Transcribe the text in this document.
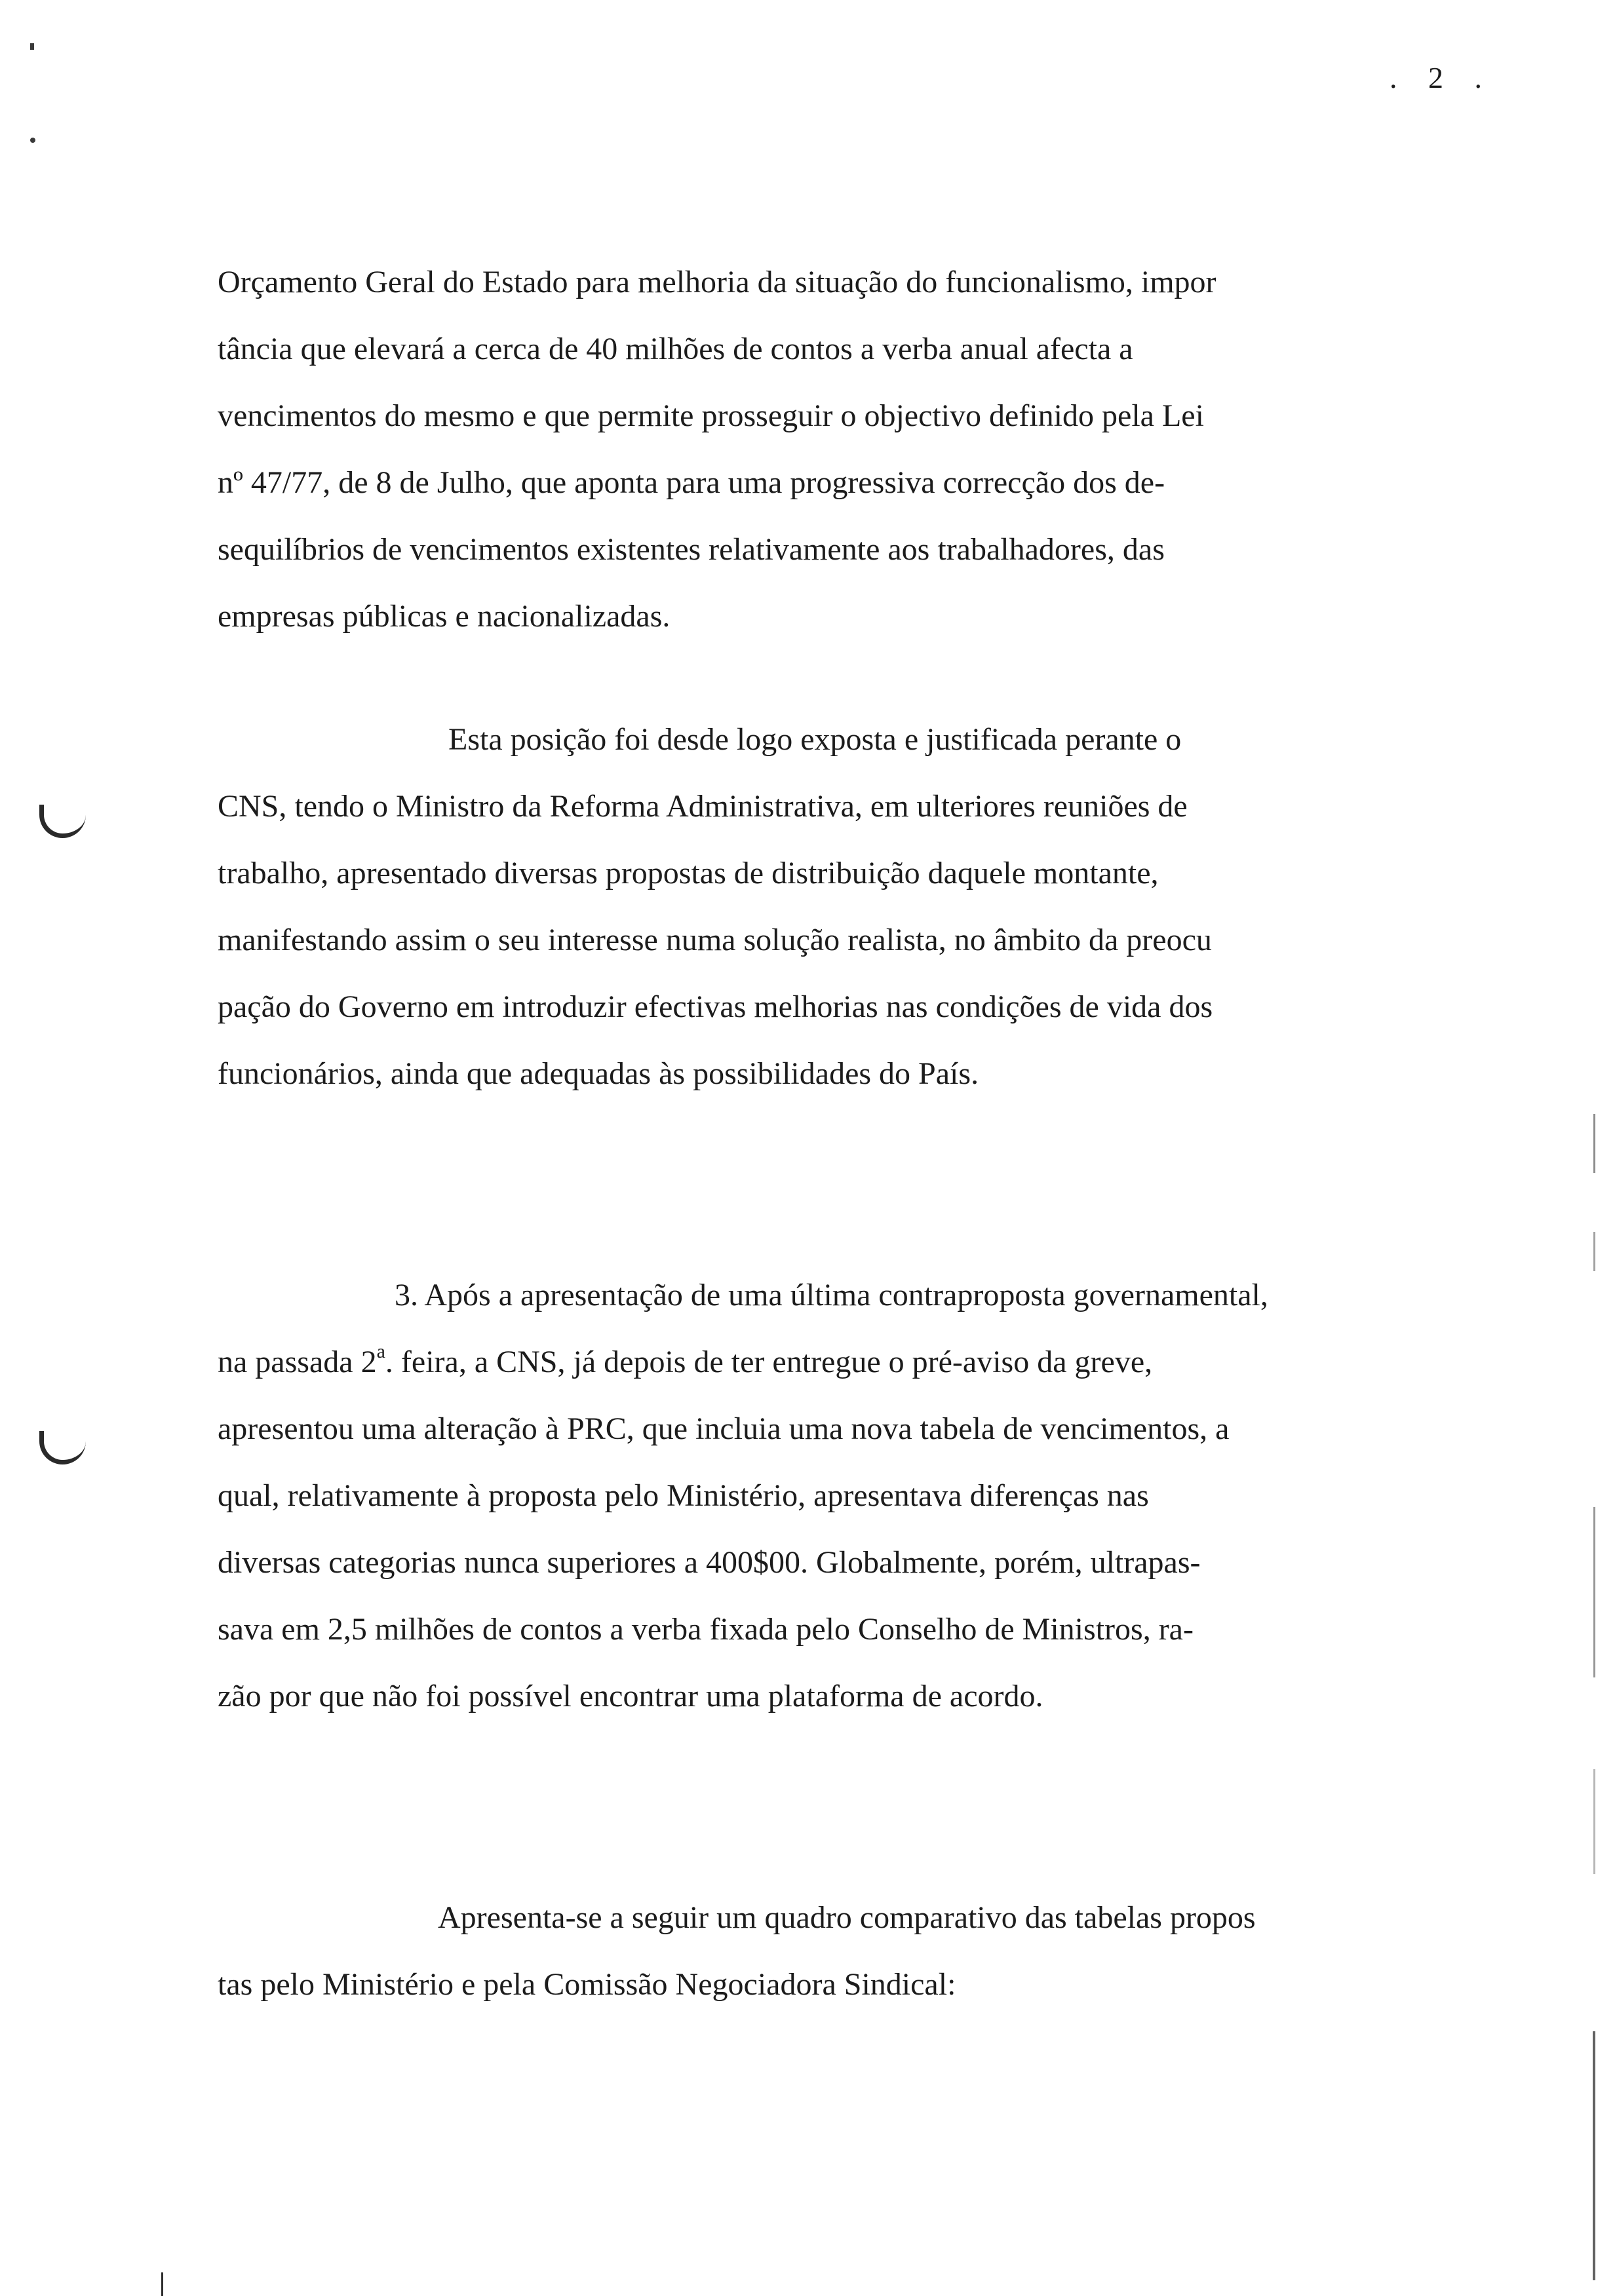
. 2 .
Orçamento Geral do Estado para melhoria da situação do funcionalismo, impor
tância que elevará a cerca de 40 milhões de contos a verba anual afecta a
vencimentos do mesmo e que permite prosseguir o objectivo definido pela Lei
nº 47/77, de 8 de Julho, que aponta para uma progressiva correcção dos de-
sequilíbrios de vencimentos existentes relativamente aos trabalhadores, das
empresas públicas e nacionalizadas.
Esta posição foi desde logo exposta e justificada perante o
CNS, tendo o Ministro da Reforma Administrativa, em ulteriores reuniões de
trabalho, apresentado diversas propostas de distribuição daquele montante,
manifestando assim o seu interesse numa solução realista, no âmbito da preocu
pação do Governo em introduzir efectivas melhorias nas condições de vida dos
funcionários, ainda que adequadas às possibilidades do País.
3. Após a apresentação de uma última contraproposta governamental,
na passada 2$^a$. feira, a CNS, já depois de ter entregue o pré-aviso da greve,
apresentou uma alteração à PRC, que incluia uma nova tabela de vencimentos, a
qual, relativamente à proposta pelo Ministério, apresentava diferenças nas
diversas categorias nunca superiores a 400$00. Globalmente, porém, ultrapas-
sava em 2,5 milhões de contos a verba fixada pelo Conselho de Ministros, ra-
zão por que não foi possível encontrar uma plataforma de acordo.
Apresenta-se a seguir um quadro comparativo das tabelas propos
tas pelo Ministério e pela Comissão Negociadora Sindical:
